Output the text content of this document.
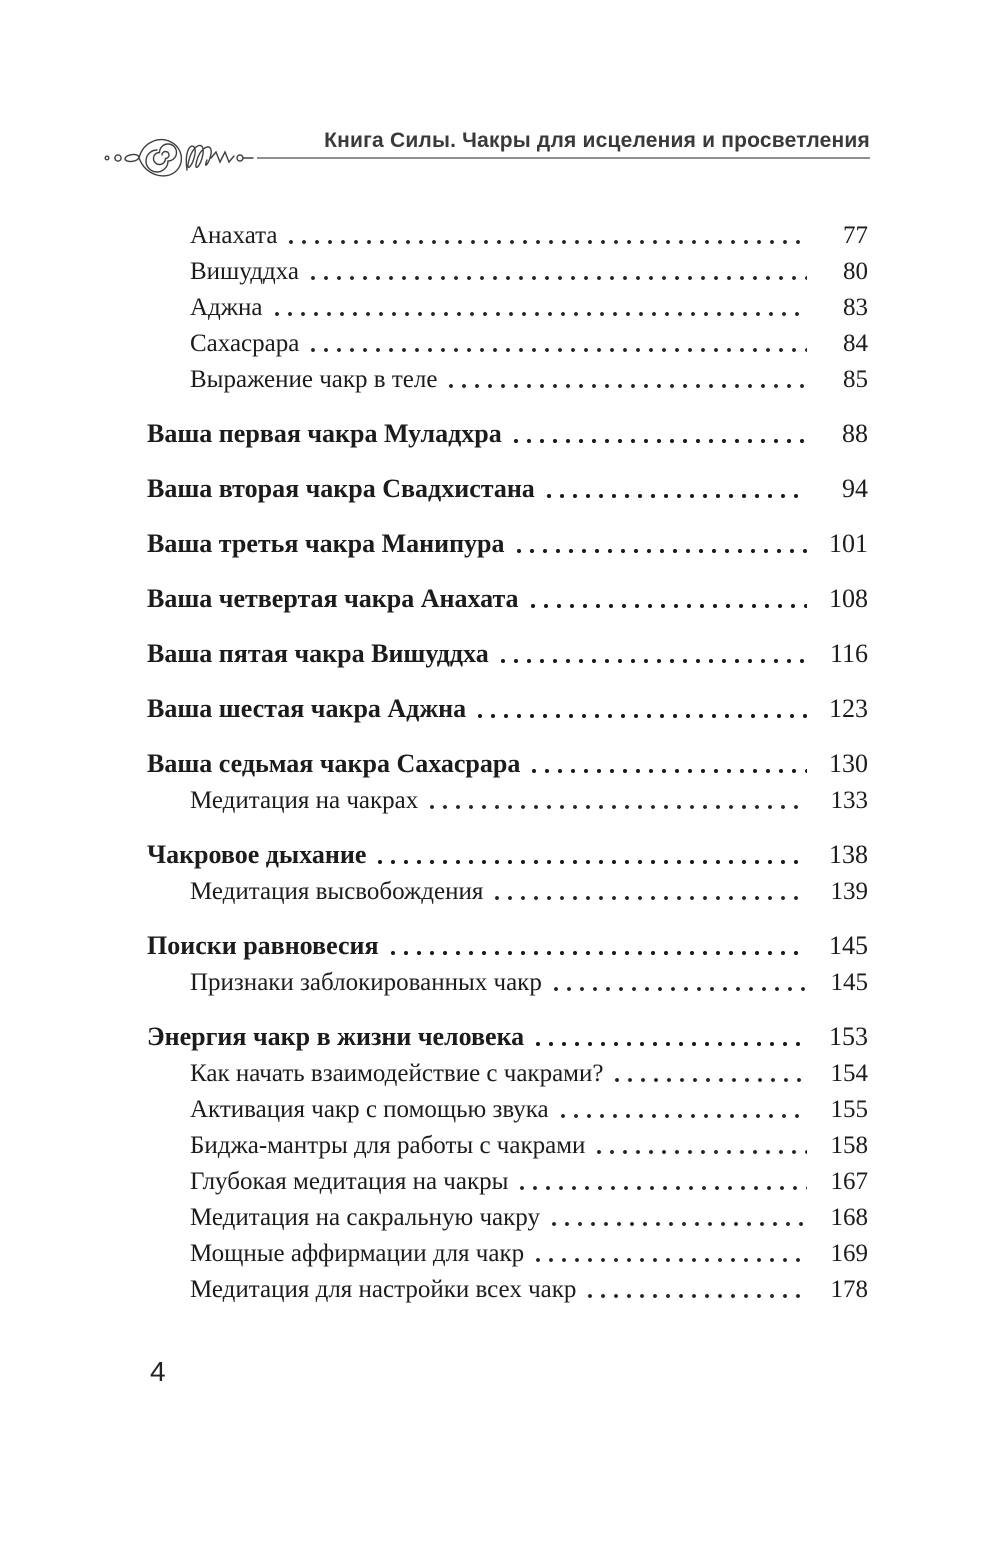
Книга Силы. Чакры для исцеления и просветления
Анахата	77
Вишуддха	80
Аджна	83
Сахасрара	84
Выражение чакр в теле	85
Ваша первая чакра Муладхра	88
Ваша вторая чакра Свадхистана	94
Ваша третья чакра Манипура	101
Ваша четвертая чакра Анахата	108
Ваша пятая чакра Вишуддха	116
Ваша шестая чакра Аджна	123
Ваша седьмая чакра Сахасрара	130
Медитация на чакрах	133
Чакровое дыхание	138
Медитация высвобождения	139
Поиски равновесия	145
Признаки заблокированных чакр	145
Энергия чакр в жизни человека	153
Как начать взаимодействие с чакрами?	154
Активация чакр с помощью звука	155
Биджа-мантры для работы с чакрами	158
Глубокая медитация на чакры	167
Медитация на сакральную чакру	168
Мощные аффирмации для чакр	169
Медитация для настройки всех чакр	178
4
